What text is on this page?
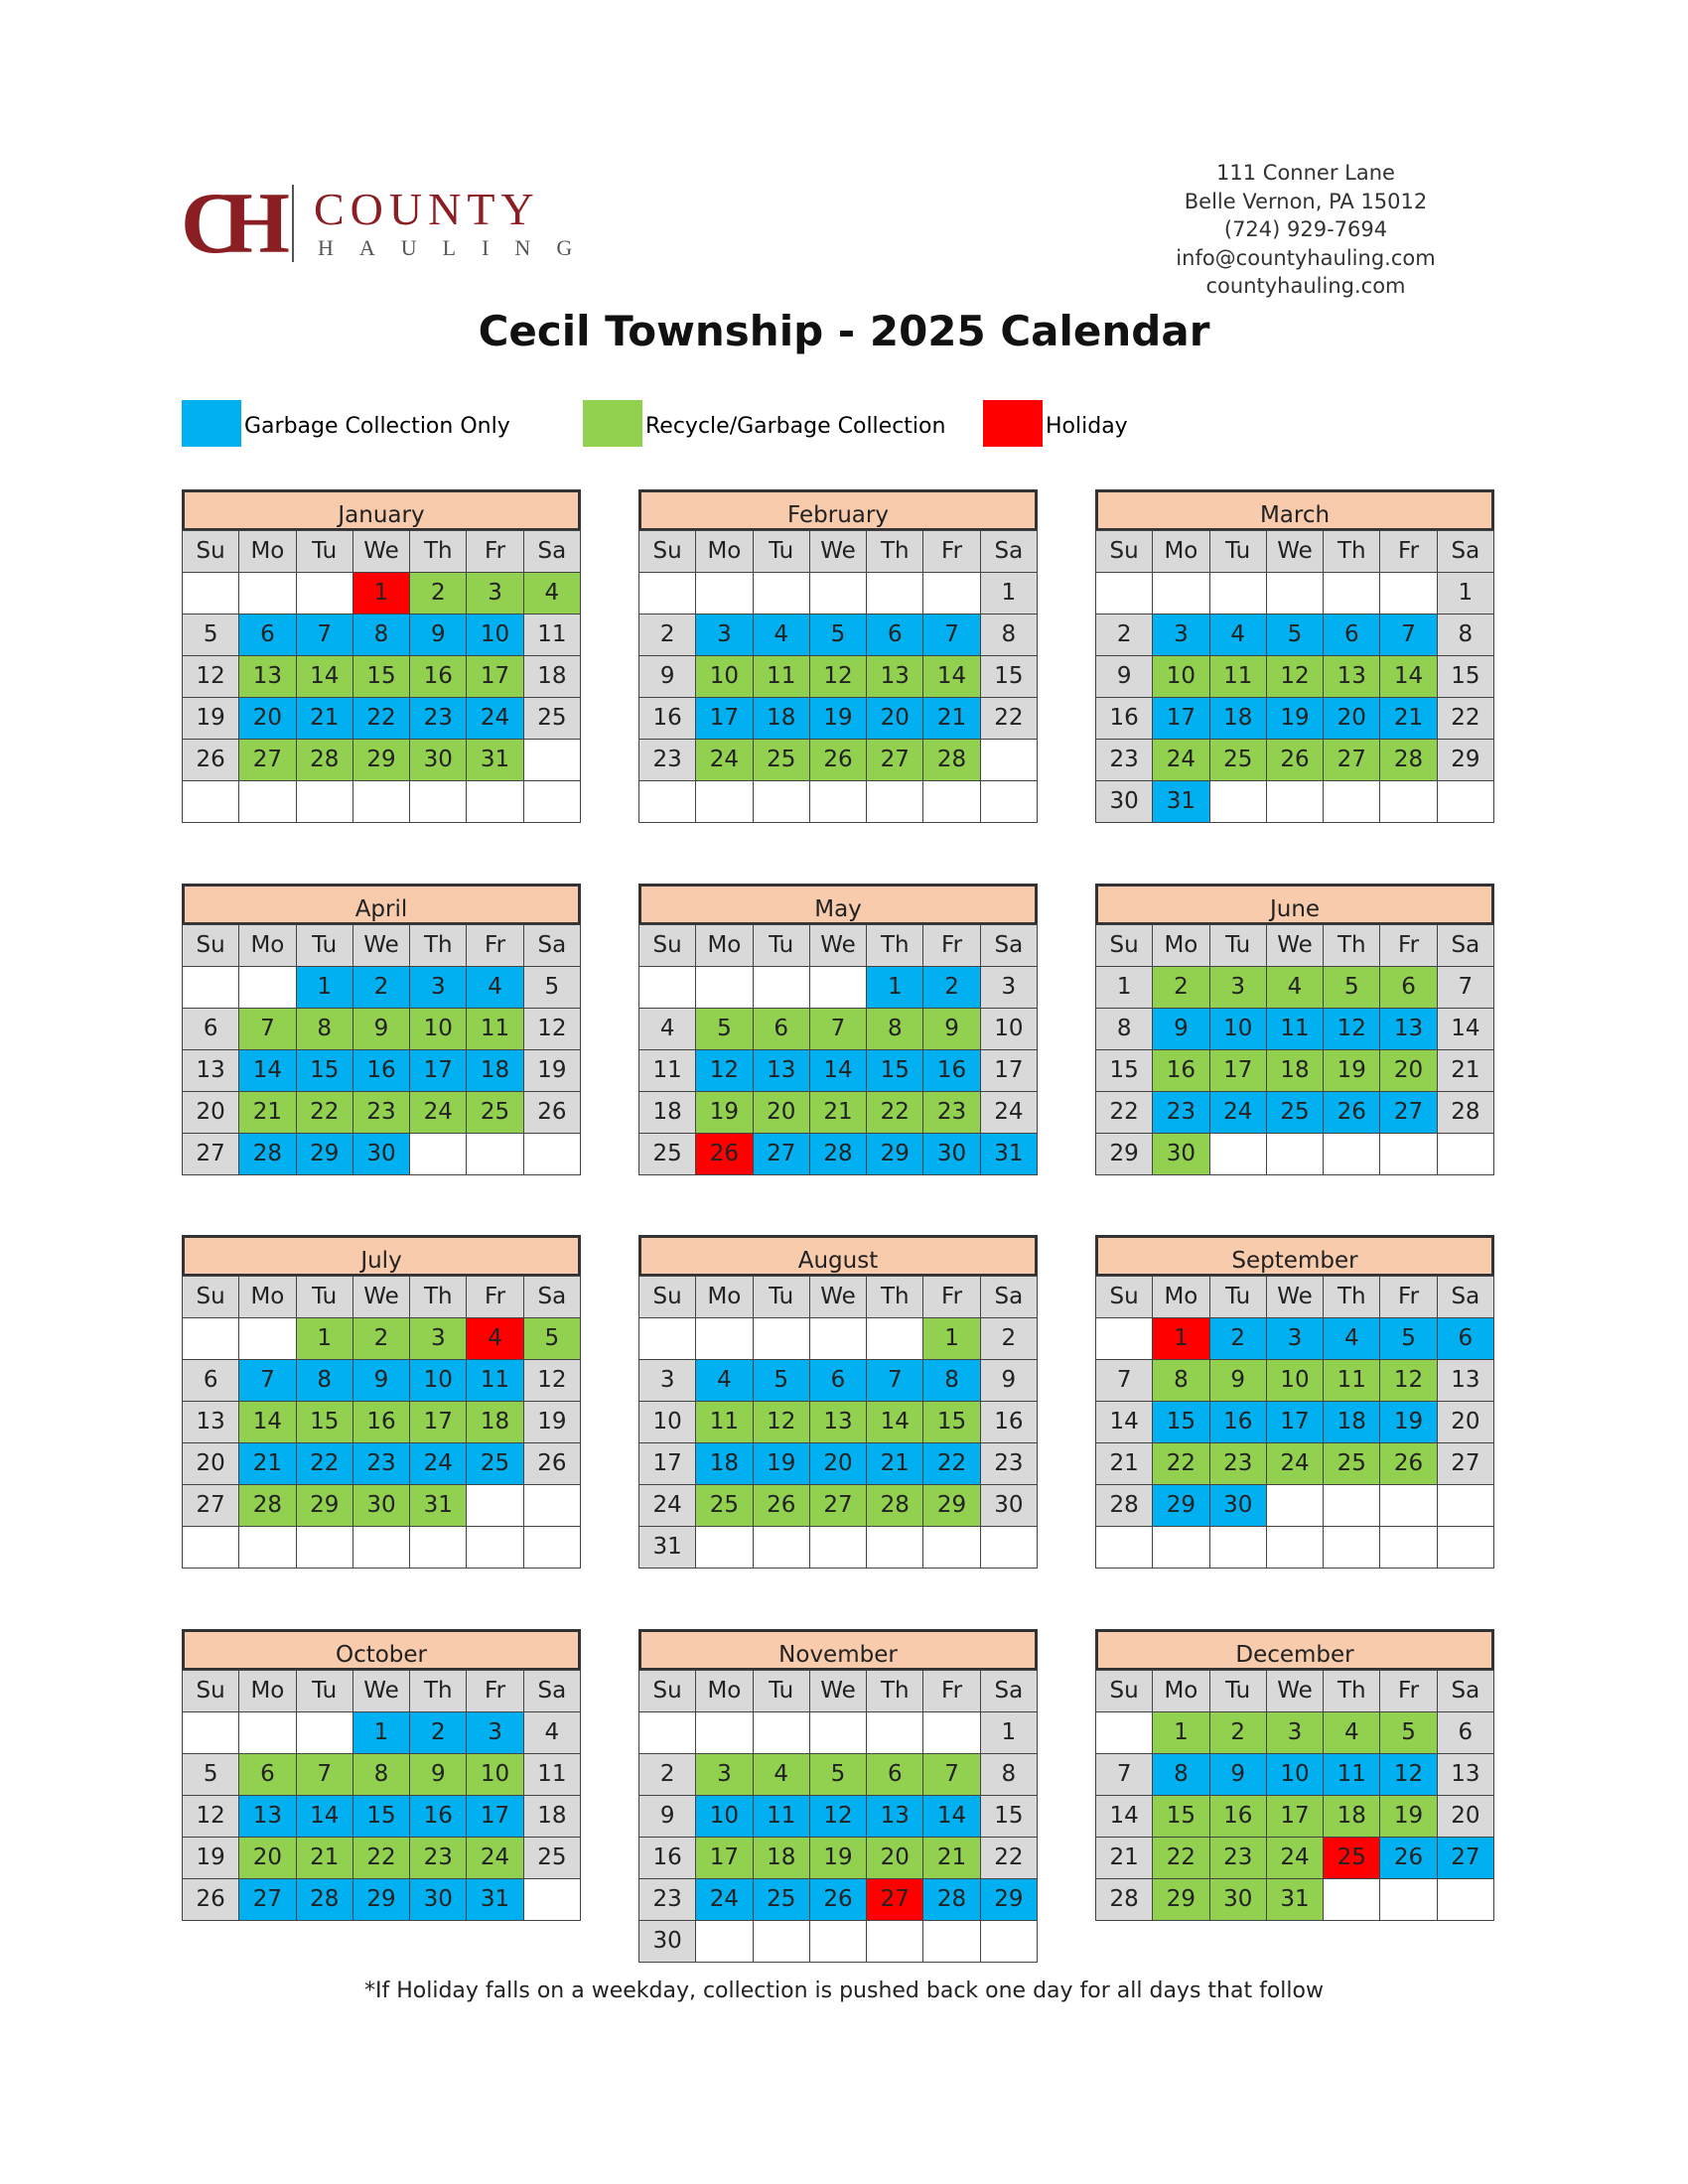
CH COUNTY
HAULING
111 Conner Lane
Belle Vernon, PA 15012
(724) 929-7694
info@countyhauling.com
countyhauling.com
Cecil Township - 2025 Calendar
Garbage Collection Only	Recycle/Garbage Collection	Holiday
January
Su	Mo	Tu	We	Th	Fr	Sa
			1	2	3	4
5	6	7	8	9	10	11
12	13	14	15	16	17	18
19	20	21	22	23	24	25
26	27	28	29	30	31	

February
Su	Mo	Tu	We	Th	Fr	Sa
						1
2	3	4	5	6	7	8
9	10	11	12	13	14	15
16	17	18	19	20	21	22
23	24	25	26	27	28	

March
Su	Mo	Tu	We	Th	Fr	Sa
						1
2	3	4	5	6	7	8
9	10	11	12	13	14	15
16	17	18	19	20	21	22
23	24	25	26	27	28	29
30	31					
April
Su	Mo	Tu	We	Th	Fr	Sa
		1	2	3	4	5
6	7	8	9	10	11	12
13	14	15	16	17	18	19
20	21	22	23	24	25	26
27	28	29	30			
May
Su	Mo	Tu	We	Th	Fr	Sa
				1	2	3
4	5	6	7	8	9	10
11	12	13	14	15	16	17
18	19	20	21	22	23	24
25	26	27	28	29	30	31
June
Su	Mo	Tu	We	Th	Fr	Sa
1	2	3	4	5	6	7
8	9	10	11	12	13	14
15	16	17	18	19	20	21
22	23	24	25	26	27	28
29	30					
July
Su	Mo	Tu	We	Th	Fr	Sa
		1	2	3	4	5
6	7	8	9	10	11	12
13	14	15	16	17	18	19
20	21	22	23	24	25	26
27	28	29	30	31		

August
Su	Mo	Tu	We	Th	Fr	Sa
					1	2
3	4	5	6	7	8	9
10	11	12	13	14	15	16
17	18	19	20	21	22	23
24	25	26	27	28	29	30
31						
September
Su	Mo	Tu	We	Th	Fr	Sa
	1	2	3	4	5	6
7	8	9	10	11	12	13
14	15	16	17	18	19	20
21	22	23	24	25	26	27
28	29	30				

October
Su	Mo	Tu	We	Th	Fr	Sa
			1	2	3	4
5	6	7	8	9	10	11
12	13	14	15	16	17	18
19	20	21	22	23	24	25
26	27	28	29	30	31	
November
Su	Mo	Tu	We	Th	Fr	Sa
						1
2	3	4	5	6	7	8
9	10	11	12	13	14	15
16	17	18	19	20	21	22
23	24	25	26	27	28	29
30						
December
Su	Mo	Tu	We	Th	Fr	Sa
	1	2	3	4	5	6
7	8	9	10	11	12	13
14	15	16	17	18	19	20
21	22	23	24	25	26	27
28	29	30	31			
*If Holiday falls on a weekday, collection is pushed back one day for all days that follow
